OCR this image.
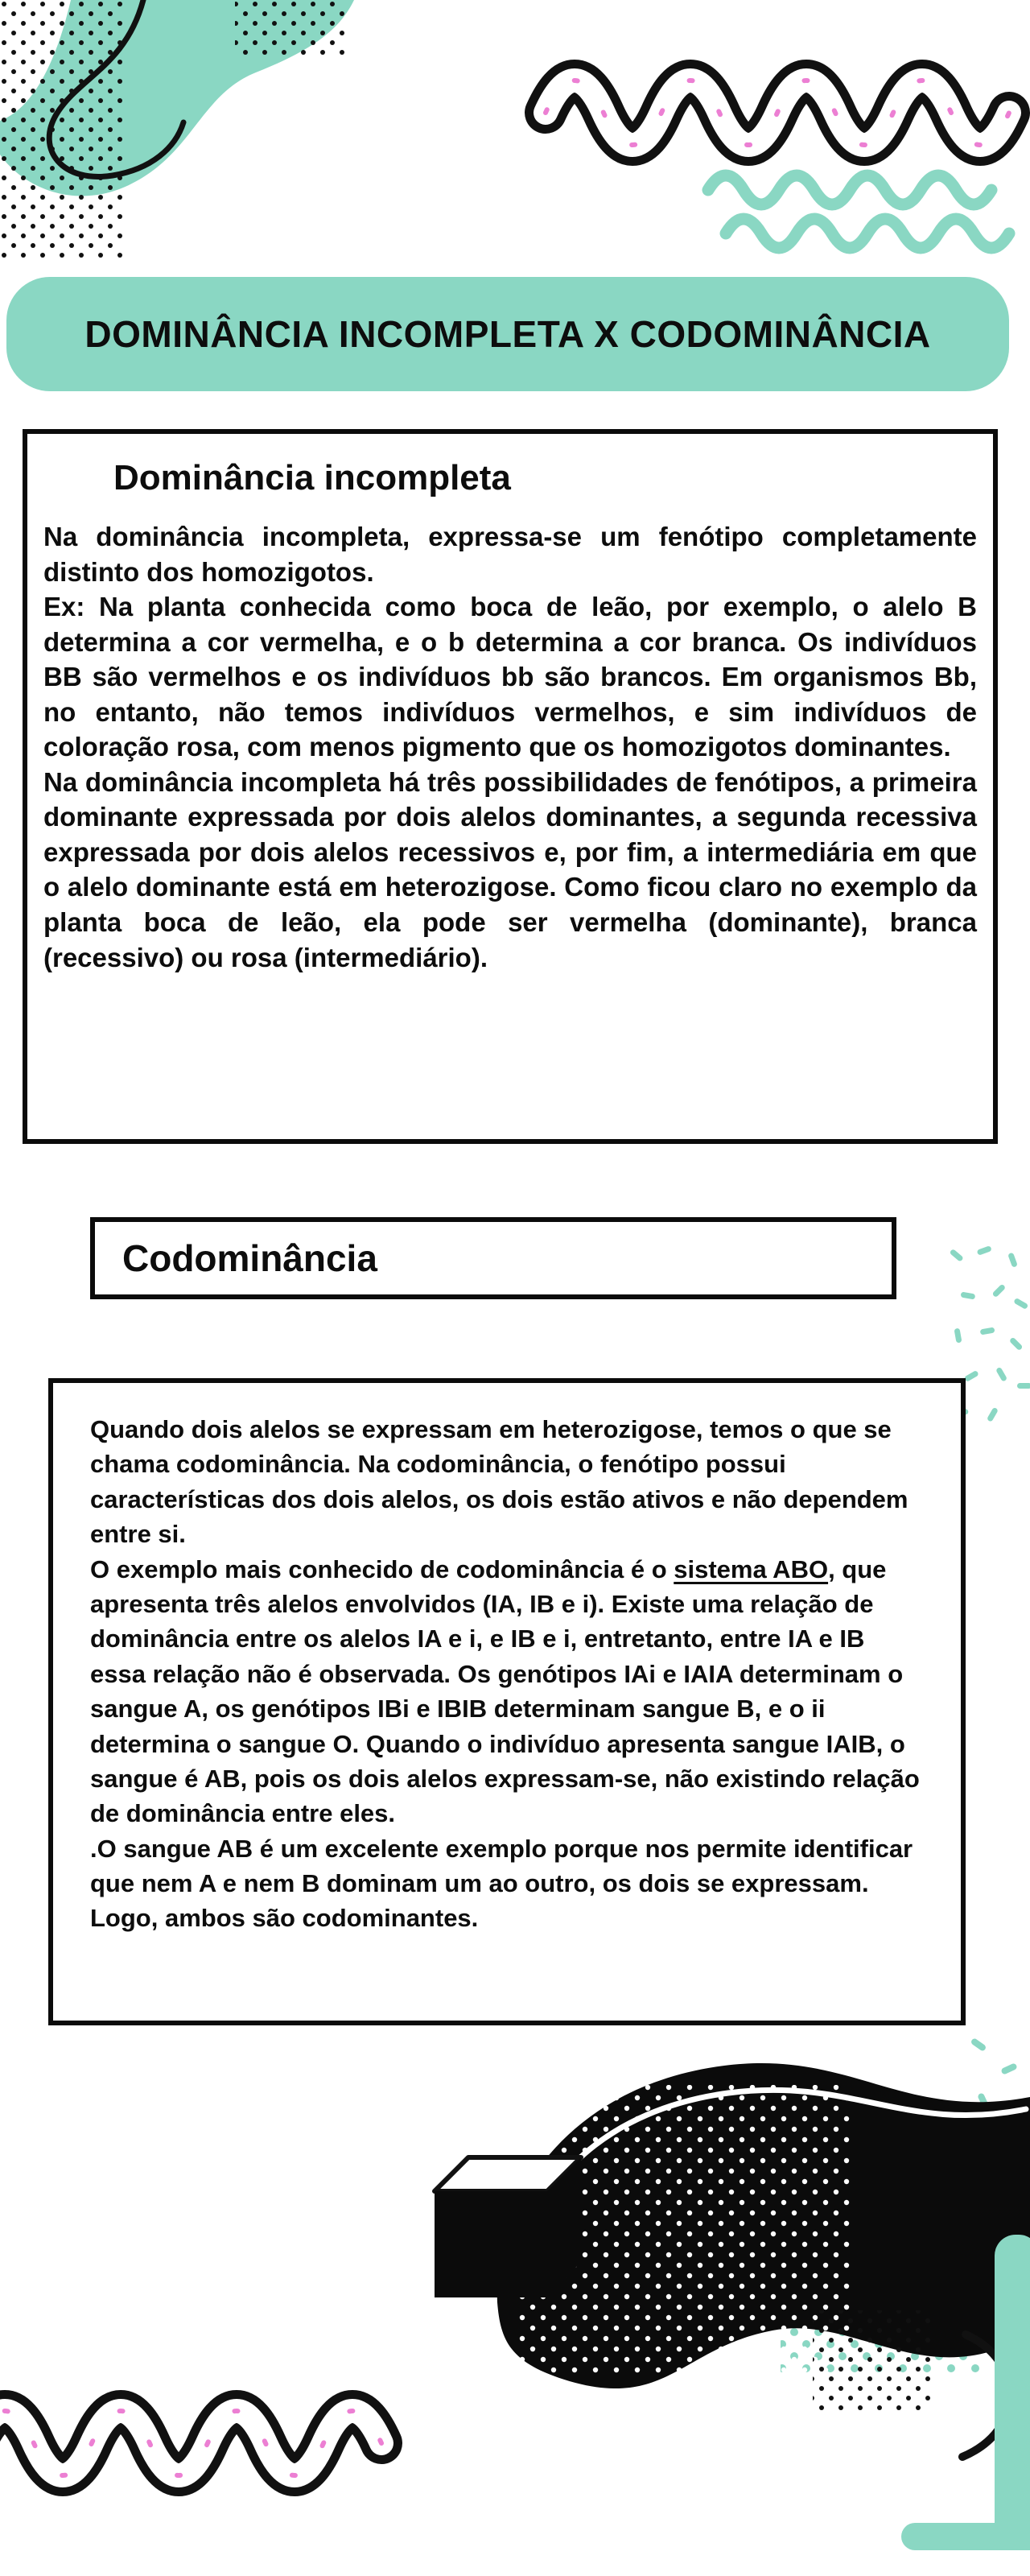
DOMINÂNCIA INCOMPLETA X CODOMINÂNCIA
Dominância incompleta

Na dominância incompleta, expressa-se um fenótipo completamente distinto dos homozigotos.

Ex: Na planta conhecida como boca de leão, por exemplo, o alelo B determina a cor vermelha, e o b determina a cor branca. Os indivíduos BB são vermelhos e os indivíduos bb são brancos. Em organismos Bb, no entanto, não temos indivíduos vermelhos, e sim indivíduos de coloração rosa, com menos pigmento que os homozigotos dominantes.

Na dominância incompleta há três possibilidades de fenótipos, a primeira dominante expressada por dois alelos dominantes, a segunda recessiva expressada por dois alelos recessivos e, por fim, a intermediária em que o alelo dominante está em heterozigose. Como ficou claro no exemplo da planta boca de leão, ela pode ser vermelha (dominante), branca (recessivo) ou rosa (intermediário).

Codominância

Quando dois alelos se expressam em heterozigose, temos o que se chama codominância. Na codominância, o fenótipo possui características dos dois alelos, os dois estão ativos e não dependem entre si.

O exemplo mais conhecido de codominância é o sistema ABO, que apresenta três alelos envolvidos (IA, IB e i). Existe uma relação de dominância entre os alelos IA e i, e IB e i, entretanto, entre IA e IB essa relação não é observada. Os genótipos IAi e IAIA determinam o sangue A, os genótipos IBi e IBIB determinam sangue B, e o ii determina o sangue O. Quando o indivíduo apresenta sangue IAIB, o sangue é AB, pois os dois alelos expressam-se, não existindo relação de dominância entre eles.

.O sangue AB é um excelente exemplo porque nos permite identificar que nem A e nem B dominam um ao outro, os dois se expressam. Logo, ambos são codominantes.
